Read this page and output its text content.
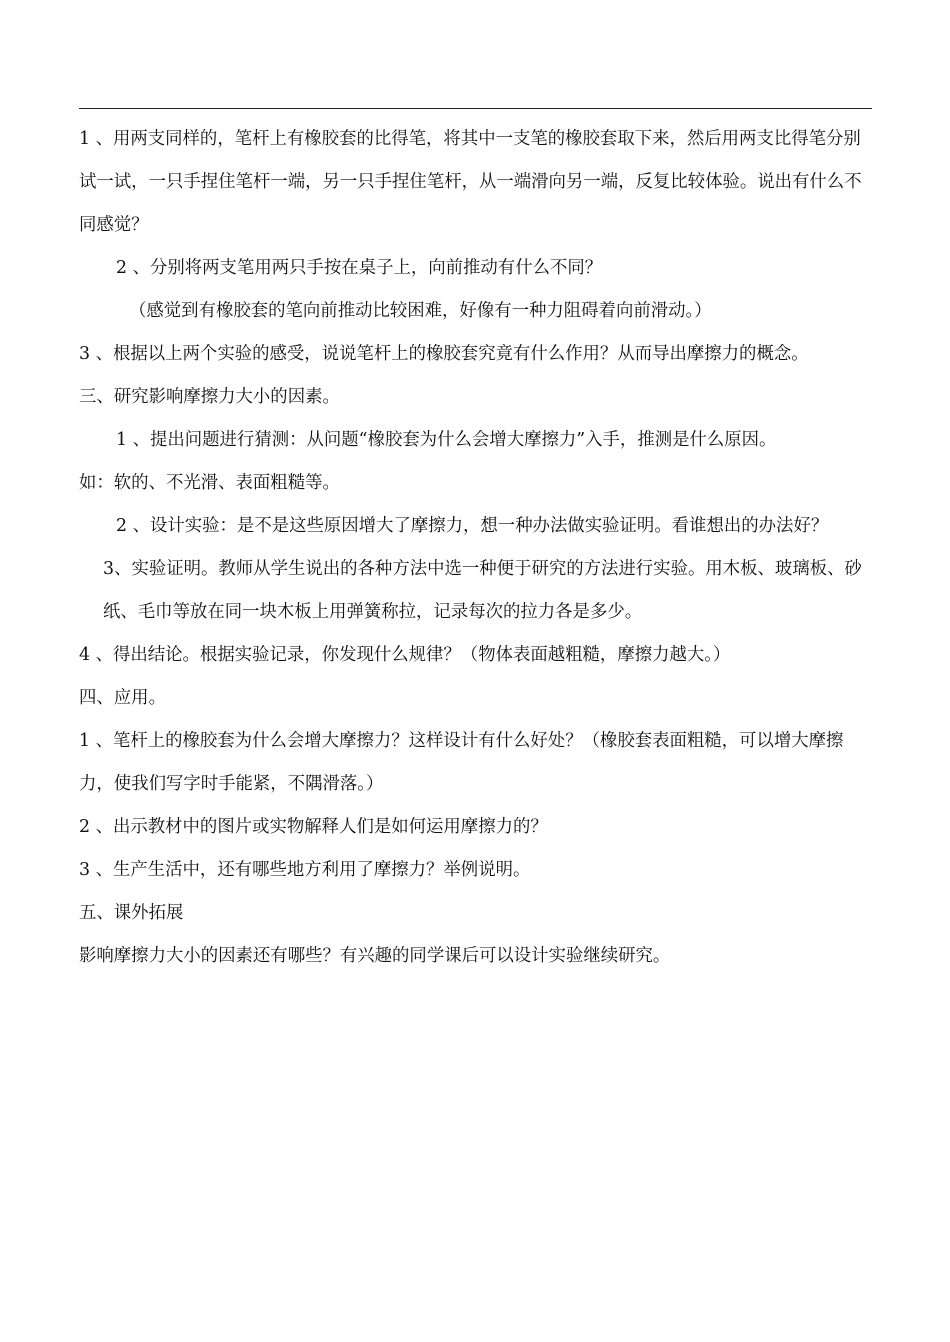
1 、用两支同样的，笔杆上有橡胶套的比得笔，将其中一支笔的橡胶套取下来，然后用两支比得笔分别试一试，一只手捏住笔杆一端，另一只手捏住笔杆，从一端滑向另一端，反复比较体验。说出有什么不同感觉？

2 、分别将两支笔用两只手按在桌子上，向前推动有什么不同？

（感觉到有橡胶套的笔向前推动比较困难，好像有一种力阻碍着向前滑动。）

3 、根据以上两个实验的感受，说说笔杆上的橡胶套究竟有什么作用？从而导出摩擦力的概念。

三、研究影响摩擦力大小的因素。

1 、提出问题进行猜测：从问题“橡胶套为什么会增大摩擦力”入手，推测是什么原因。

如：软的、不光滑、表面粗糙等。

2 、设计实验：是不是这些原因增大了摩擦力，想一种办法做实验证明。看谁想出的办法好？

3、实验证明。教师从学生说出的各种方法中选一种便于研究的方法进行实验。用木板、玻璃板、砂纸、毛巾等放在同一块木板上用弹簧称拉，记录每次的拉力各是多少。

4 、得出结论。根据实验记录，你发现什么规律？（物体表面越粗糙，摩擦力越大。）

四、应用。

1 、笔杆上的橡胶套为什么会增大摩擦力？这样设计有什么好处？（橡胶套表面粗糙，可以增大摩擦力，使我们写字时手能紧，不隅滑落。）

2 、出示教材中的图片或实物解释人们是如何运用摩擦力的？

3 、生产生活中，还有哪些地方利用了摩擦力？举例说明。

五、课外拓展

影响摩擦力大小的因素还有哪些？有兴趣的同学课后可以设计实验继续研究。
